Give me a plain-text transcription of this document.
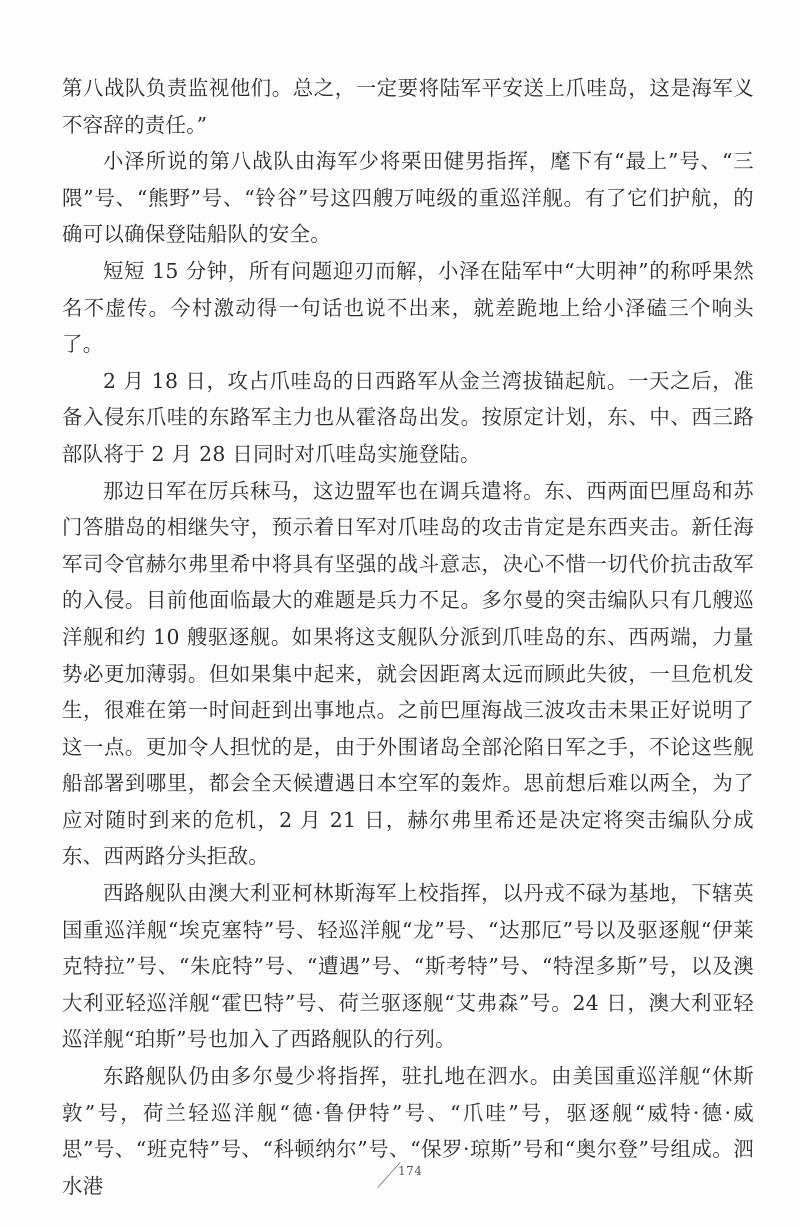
第八战队负责监视他们。总之，一定要将陆军平安送上爪哇岛，这是海军义不容辞的责任。”

小泽所说的第八战队由海军少将栗田健男指挥，麾下有“最上”号、“三隈”号、“熊野”号、“铃谷”号这四艘万吨级的重巡洋舰。有了它们护航，的确可以确保登陆船队的安全。

短短 15 分钟，所有问题迎刃而解，小泽在陆军中“大明神”的称呼果然名不虚传。今村激动得一句话也说不出来，就差跪地上给小泽磕三个响头了。

2 月 18 日，攻占爪哇岛的日西路军从金兰湾拔锚起航。一天之后，准备入侵东爪哇的东路军主力也从霍洛岛出发。按原定计划，东、中、西三路部队将于 2 月 28 日同时对爪哇岛实施登陆。

那边日军在厉兵秣马，这边盟军也在调兵遣将。东、西两面巴厘岛和苏门答腊岛的相继失守，预示着日军对爪哇岛的攻击肯定是东西夹击。新任海军司令官赫尔弗里希中将具有坚强的战斗意志，决心不惜一切代价抗击敌军的入侵。目前他面临最大的难题是兵力不足。多尔曼的突击编队只有几艘巡洋舰和约 10 艘驱逐舰。如果将这支舰队分派到爪哇岛的东、西两端，力量势必更加薄弱。但如果集中起来，就会因距离太远而顾此失彼，一旦危机发生，很难在第一时间赶到出事地点。之前巴厘海战三波攻击未果正好说明了这一点。更加令人担忧的是，由于外围诸岛全部沦陷日军之手，不论这些舰船部署到哪里，都会全天候遭遇日本空军的轰炸。思前想后难以两全，为了应对随时到来的危机，2 月 21 日，赫尔弗里希还是决定将突击编队分成东、西两路分头拒敌。

西路舰队由澳大利亚柯林斯海军上校指挥，以丹戎不碌为基地，下辖英国重巡洋舰“埃克塞特”号、轻巡洋舰“龙”号、“达那厄”号以及驱逐舰“伊莱克特拉”号、“朱庇特”号、“遭遇”号、“斯考特”号、“特涅多斯”号，以及澳大利亚轻巡洋舰“霍巴特”号、荷兰驱逐舰“艾弗森”号。24 日，澳大利亚轻巡洋舰“珀斯”号也加入了西路舰队的行列。

东路舰队仍由多尔曼少将指挥，驻扎地在泗水。由美国重巡洋舰“休斯敦”号，荷兰轻巡洋舰“德·鲁伊特”号、“爪哇”号，驱逐舰“威特·德·威思”号、“班克特”号、“科顿纳尔”号、“保罗·琼斯”号和“奥尔登”号组成。泗水港

174
